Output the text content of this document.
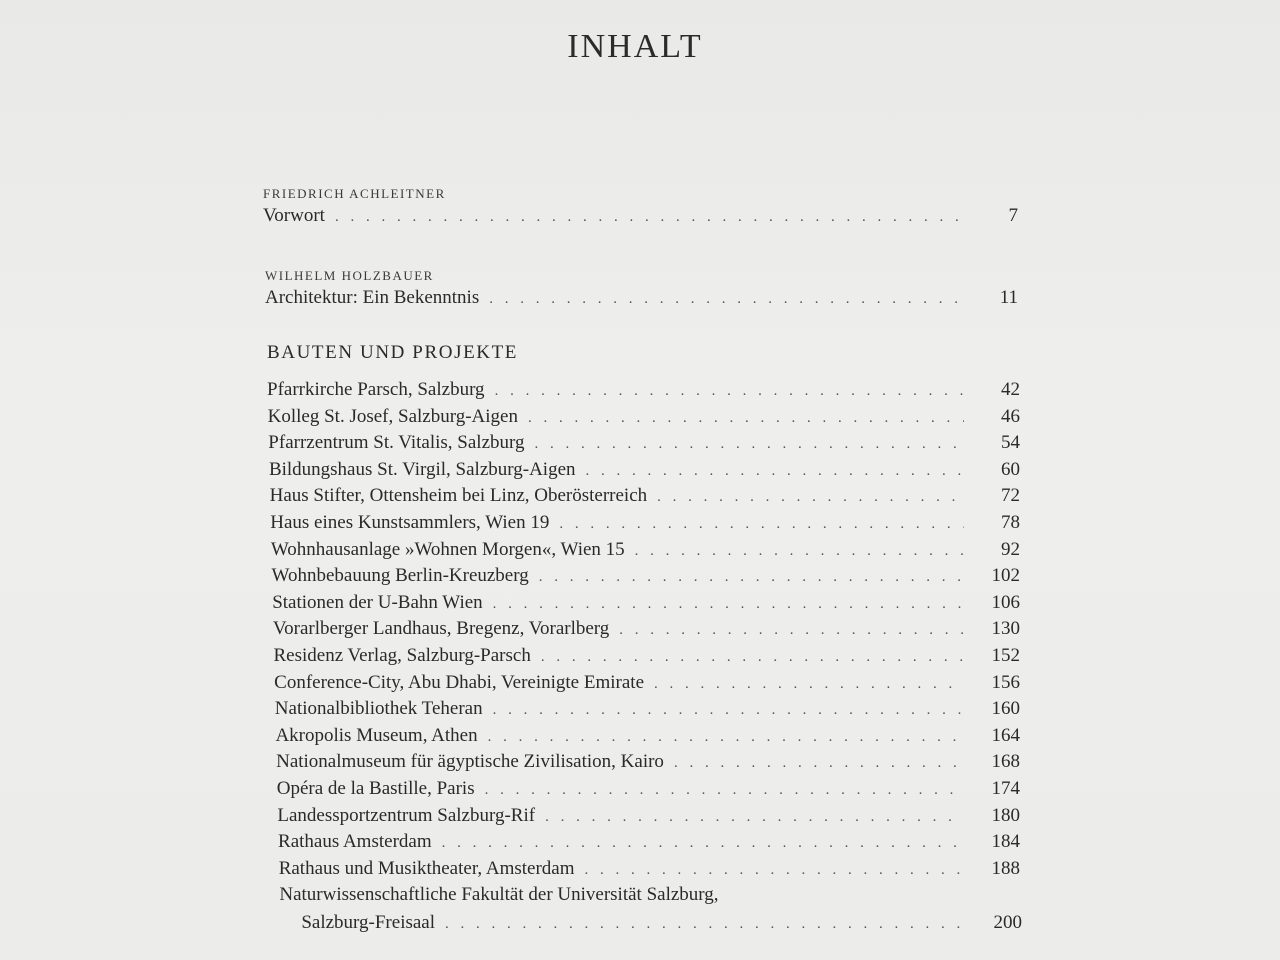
INHALT
FRIEDRICH ACHLEITNER
Vorwort . . .	7
WILHELM HOLZBAUER
Architektur: Ein Bekenntnis . . .	11
BAUTEN UND PROJEKTE
Pfarrkirche Parsch, Salzburg . . .	42
Kolleg St. Josef, Salzburg-Aigen . . .	46
Pfarrzentrum St. Vitalis, Salzburg . . .	54
Bildungshaus St. Virgil, Salzburg-Aigen . . .	60
Haus Stifter, Ottensheim bei Linz, Oberösterreich . . .	72
Haus eines Kunstsammlers, Wien 19 . . .	78
Wohnhausanlage »Wohnen Morgen«, Wien 15 . . .	92
Wohnbebauung Berlin-Kreuzberg . . .	102
Stationen der U-Bahn Wien . . .	106
Vorarlberger Landhaus, Bregenz, Vorarlberg . . .	130
Residenz Verlag, Salzburg-Parsch . . .	152
Conference-City, Abu Dhabi, Vereinigte Emirate . . .	156
Nationalbibliothek Teheran . . .	160
Akropolis Museum, Athen . . .	164
Nationalmuseum für ägyptische Zivilisation, Kairo . . .	168
Opéra de la Bastille, Paris . . .	174
Landessportzentrum Salzburg-Rif . . .	180
Rathaus Amsterdam . . .	184
Rathaus und Musiktheater, Amsterdam . . .	188
Naturwissenschaftliche Fakultät der Universität Salzburg,
Salzburg-Freisaal . . .	200
